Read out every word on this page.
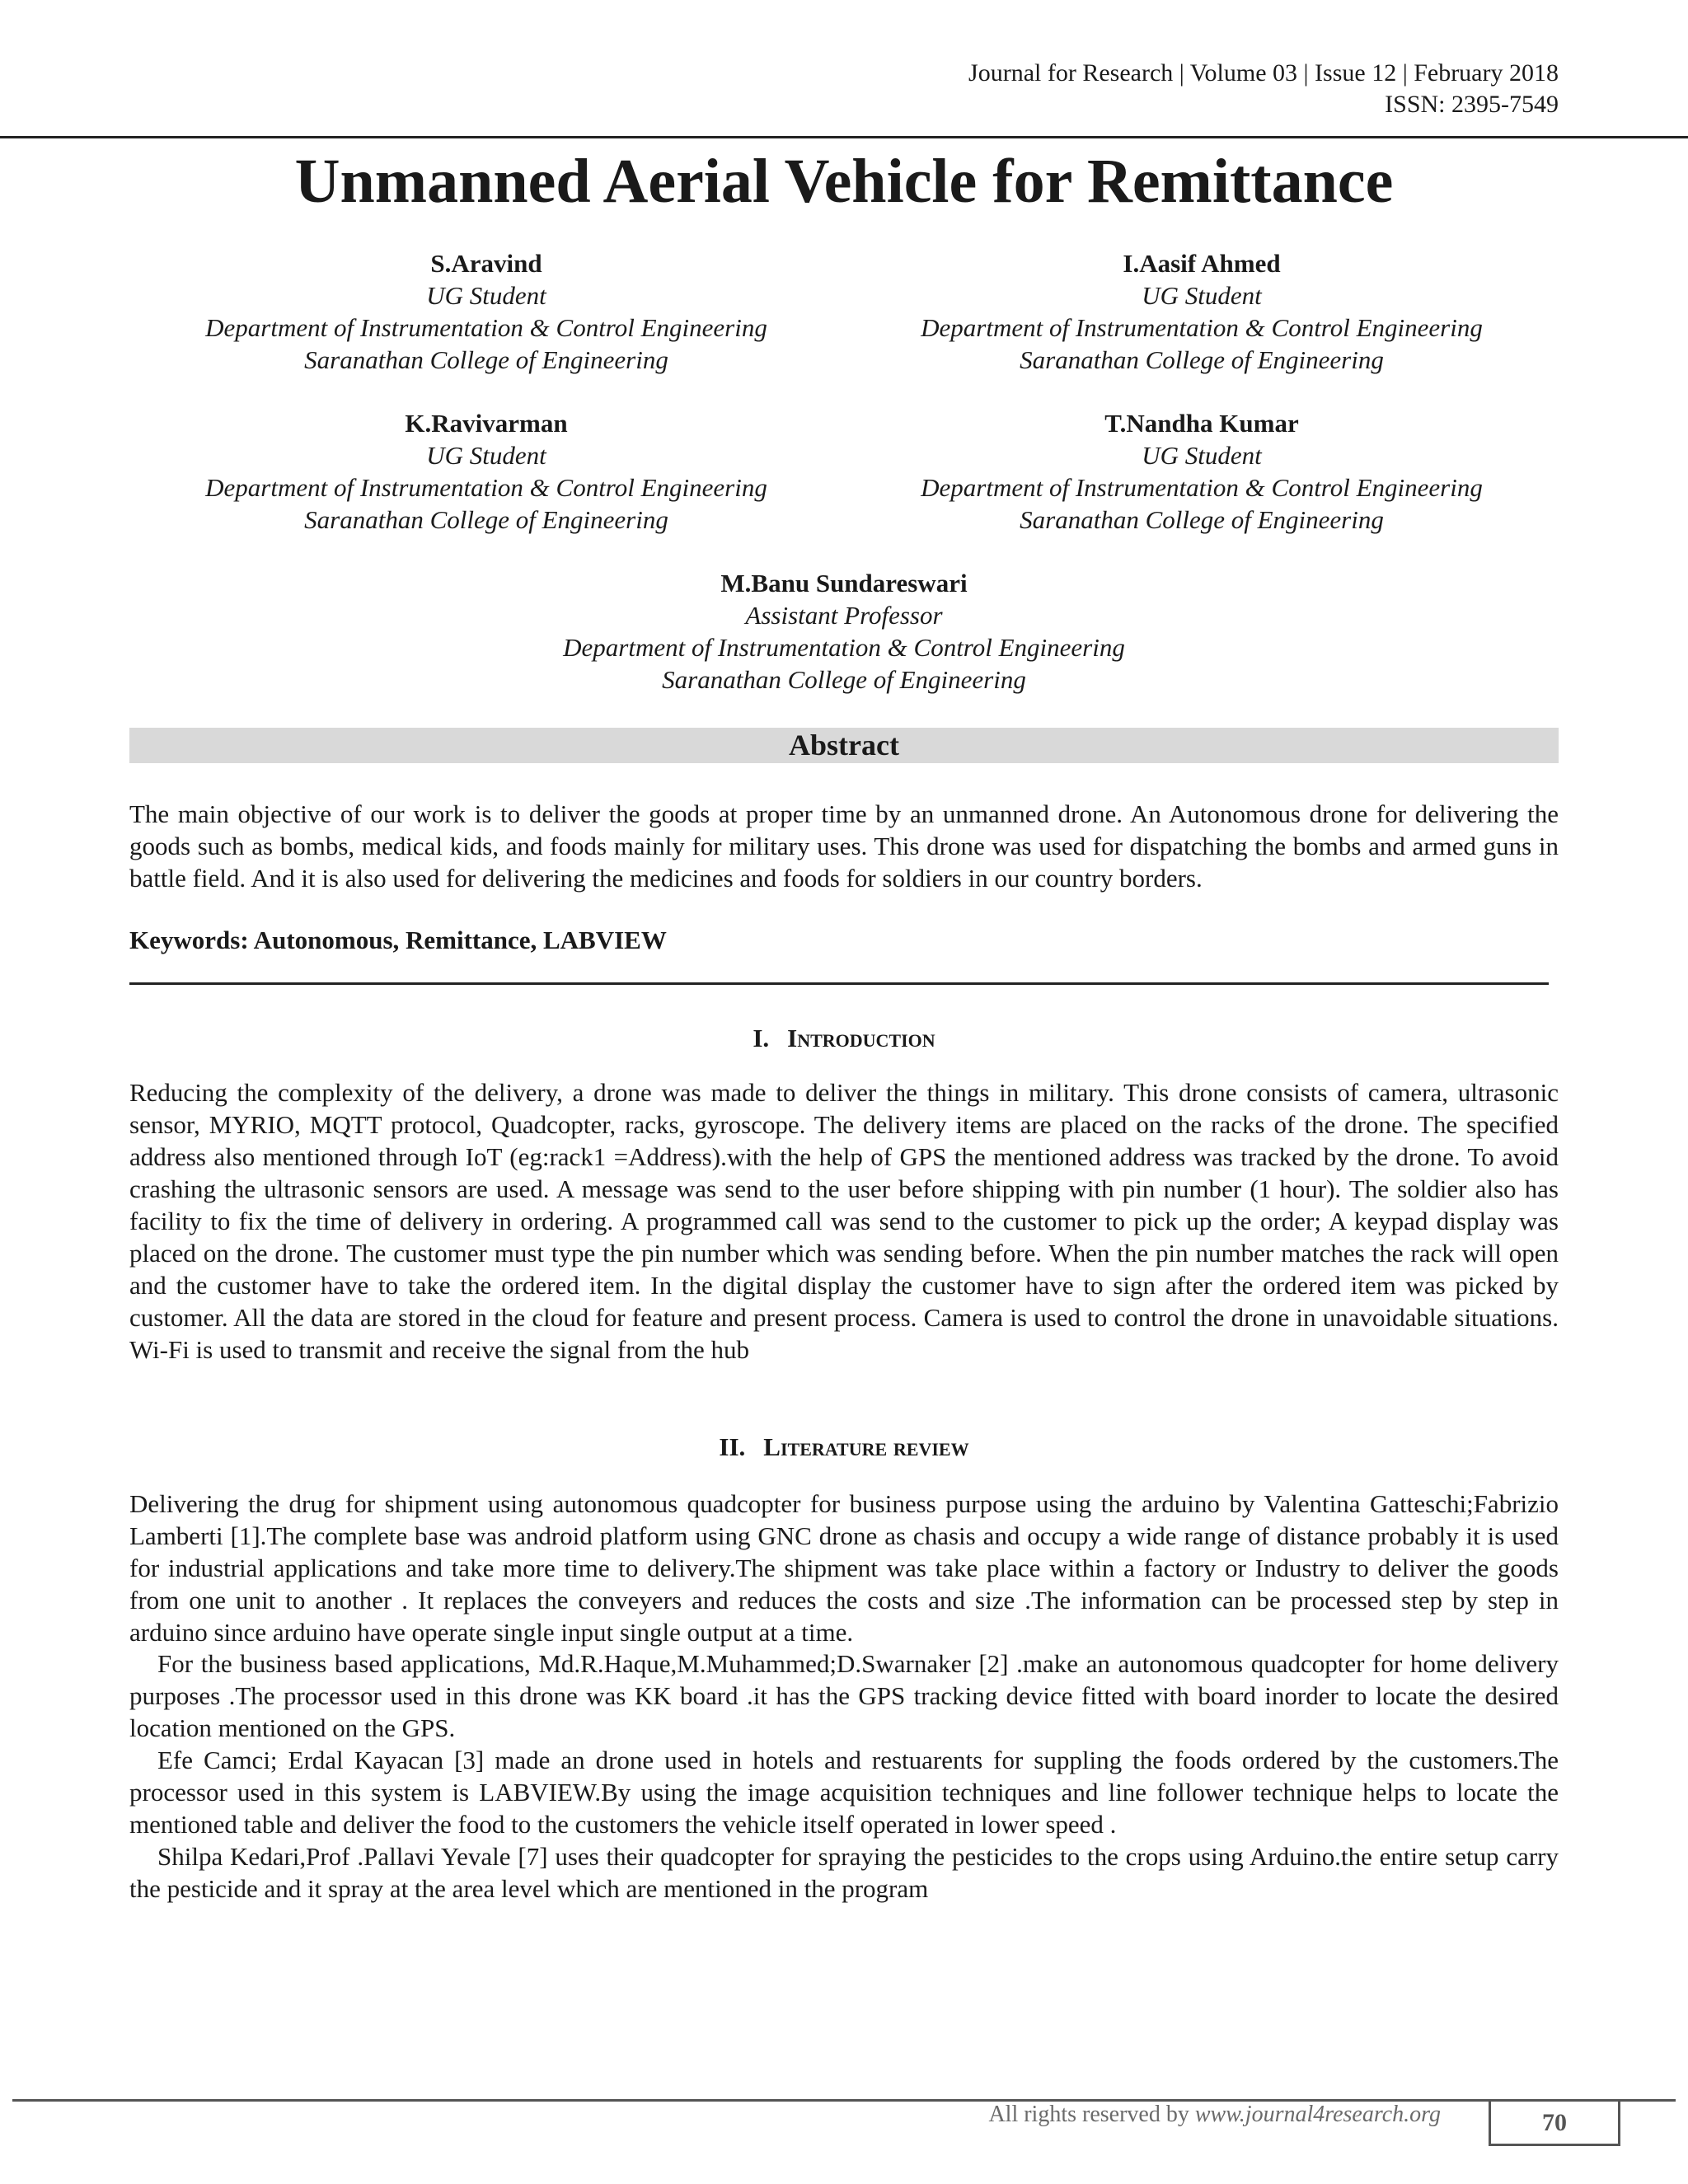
Journal for Research | Volume 03 | Issue 12 | February 2018
ISSN: 2395-7549
Unmanned Aerial Vehicle for Remittance
S.Aravind
UG Student
Department of Instrumentation & Control Engineering
Saranathan College of Engineering
I.Aasif Ahmed
UG Student
Department of Instrumentation & Control Engineering
Saranathan College of Engineering
K.Ravivarman
UG Student
Department of Instrumentation & Control Engineering
Saranathan College of Engineering
T.Nandha Kumar
UG Student
Department of Instrumentation & Control Engineering
Saranathan College of Engineering
M.Banu Sundareswari
Assistant Professor
Department of Instrumentation & Control Engineering
Saranathan College of Engineering
Abstract

The main objective of our work is to deliver the goods at proper time by an unmanned drone. An Autonomous drone for delivering the goods such as bombs, medical kids, and foods mainly for military uses. This drone was used for dispatching the bombs and armed guns in battle field. And it is also used for delivering the medicines and foods for soldiers in our country borders.

Keywords: Autonomous, Remittance, LABVIEW
I. Introduction

Reducing the complexity of the delivery, a drone was made to deliver the things in military. This drone consists of camera, ultrasonic sensor, MYRIO, MQTT protocol, Quadcopter, racks, gyroscope. The delivery items are placed on the racks of the drone. The specified address also mentioned through IoT (eg:rack1 =Address).with the help of GPS the mentioned address was tracked by the drone. To avoid crashing the ultrasonic sensors are used. A message was send to the user before shipping with pin number (1 hour). The soldier also has facility to fix the time of delivery in ordering. A programmed call was send to the customer to pick up the order; A keypad display was placed on the drone. The customer must type the pin number which was sending before. When the pin number matches the rack will open and the customer have to take the ordered item. In the digital display the customer have to sign after the ordered item was picked by customer. All the data are stored in the cloud for feature and present process. Camera is used to control the drone in unavoidable situations. Wi-Fi is used to transmit and receive the signal from the hub

II. Literature review

Delivering the drug for shipment using autonomous quadcopter for business purpose using the arduino by Valentina Gatteschi;Fabrizio Lamberti [1].The complete base was android platform using GNC drone as chasis and occupy a wide range of distance probably it is used for industrial applications and take more time to delivery.The shipment was take place within a factory or Industry to deliver the goods from one unit to another . It replaces the conveyers and reduces the costs and size .The information can be processed step by step in arduino since arduino have operate single input single output at a time.

For the business based applications, Md.R.Haque,M.Muhammed;D.Swarnaker [2] .make an autonomous quadcopter for home delivery purposes .The processor used in this drone was KK board .it has the GPS tracking device fitted with board inorder to locate the desired location mentioned on the GPS.

Efe Camci; Erdal Kayacan [3] made an drone used in hotels and restuarents for suppling the foods ordered by the customers.The processor used in this system is LABVIEW.By using the image acquisition techniques and line follower technique helps to locate the mentioned table and deliver the food to the customers the vehicle itself operated in lower speed .

Shilpa Kedari,Prof .Pallavi Yevale [7] uses their quadcopter for spraying the pesticides to the crops using Arduino.the entire setup carry the pesticide and it spray at the area level which are mentioned in the program

All rights reserved by www.journal4research.org	70
